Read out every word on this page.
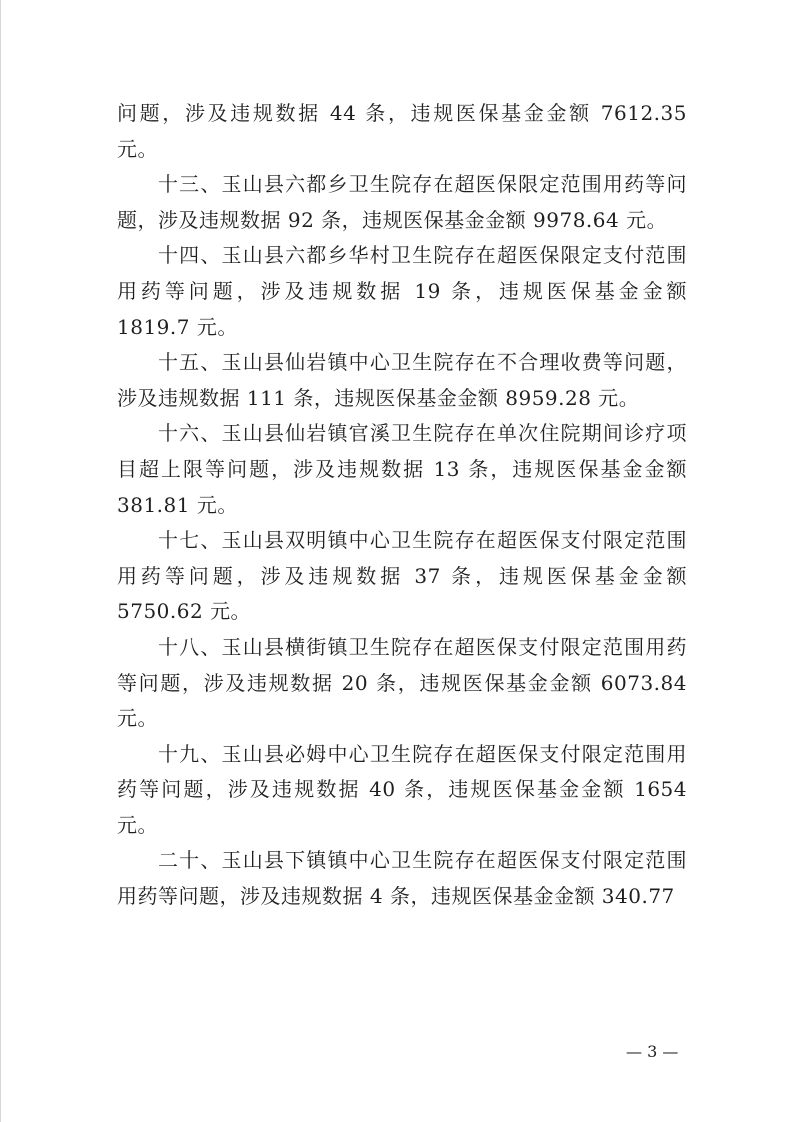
问题，涉及违规数据 44 条，违规医保基金金额 7612.35 元。

十三、玉山县六都乡卫生院存在超医保限定范围用药等问题，涉及违规数据 92 条，违规医保基金金额 9978.64 元。

十四、玉山县六都乡华村卫生院存在超医保限定支付范围用药等问题，涉及违规数据 19 条，违规医保基金金额 1819.7 元。

十五、玉山县仙岩镇中心卫生院存在不合理收费等问题，涉及违规数据 111 条，违规医保基金金额 8959.28 元。

十六、玉山县仙岩镇官溪卫生院存在单次住院期间诊疗项目超上限等问题，涉及违规数据 13 条，违规医保基金金额 381.81 元。

十七、玉山县双明镇中心卫生院存在超医保支付限定范围用药等问题，涉及违规数据 37 条，违规医保基金金额 5750.62 元。

十八、玉山县横街镇卫生院存在超医保支付限定范围用药等问题，涉及违规数据 20 条，违规医保基金金额 6073.84 元。

十九、玉山县必姆中心卫生院存在超医保支付限定范围用药等问题，涉及违规数据 40 条，违规医保基金金额 1654 元。

二十、玉山县下镇镇中心卫生院存在超医保支付限定范围用药等问题，涉及违规数据 4 条，违规医保基金金额 340.77

— 3 —
